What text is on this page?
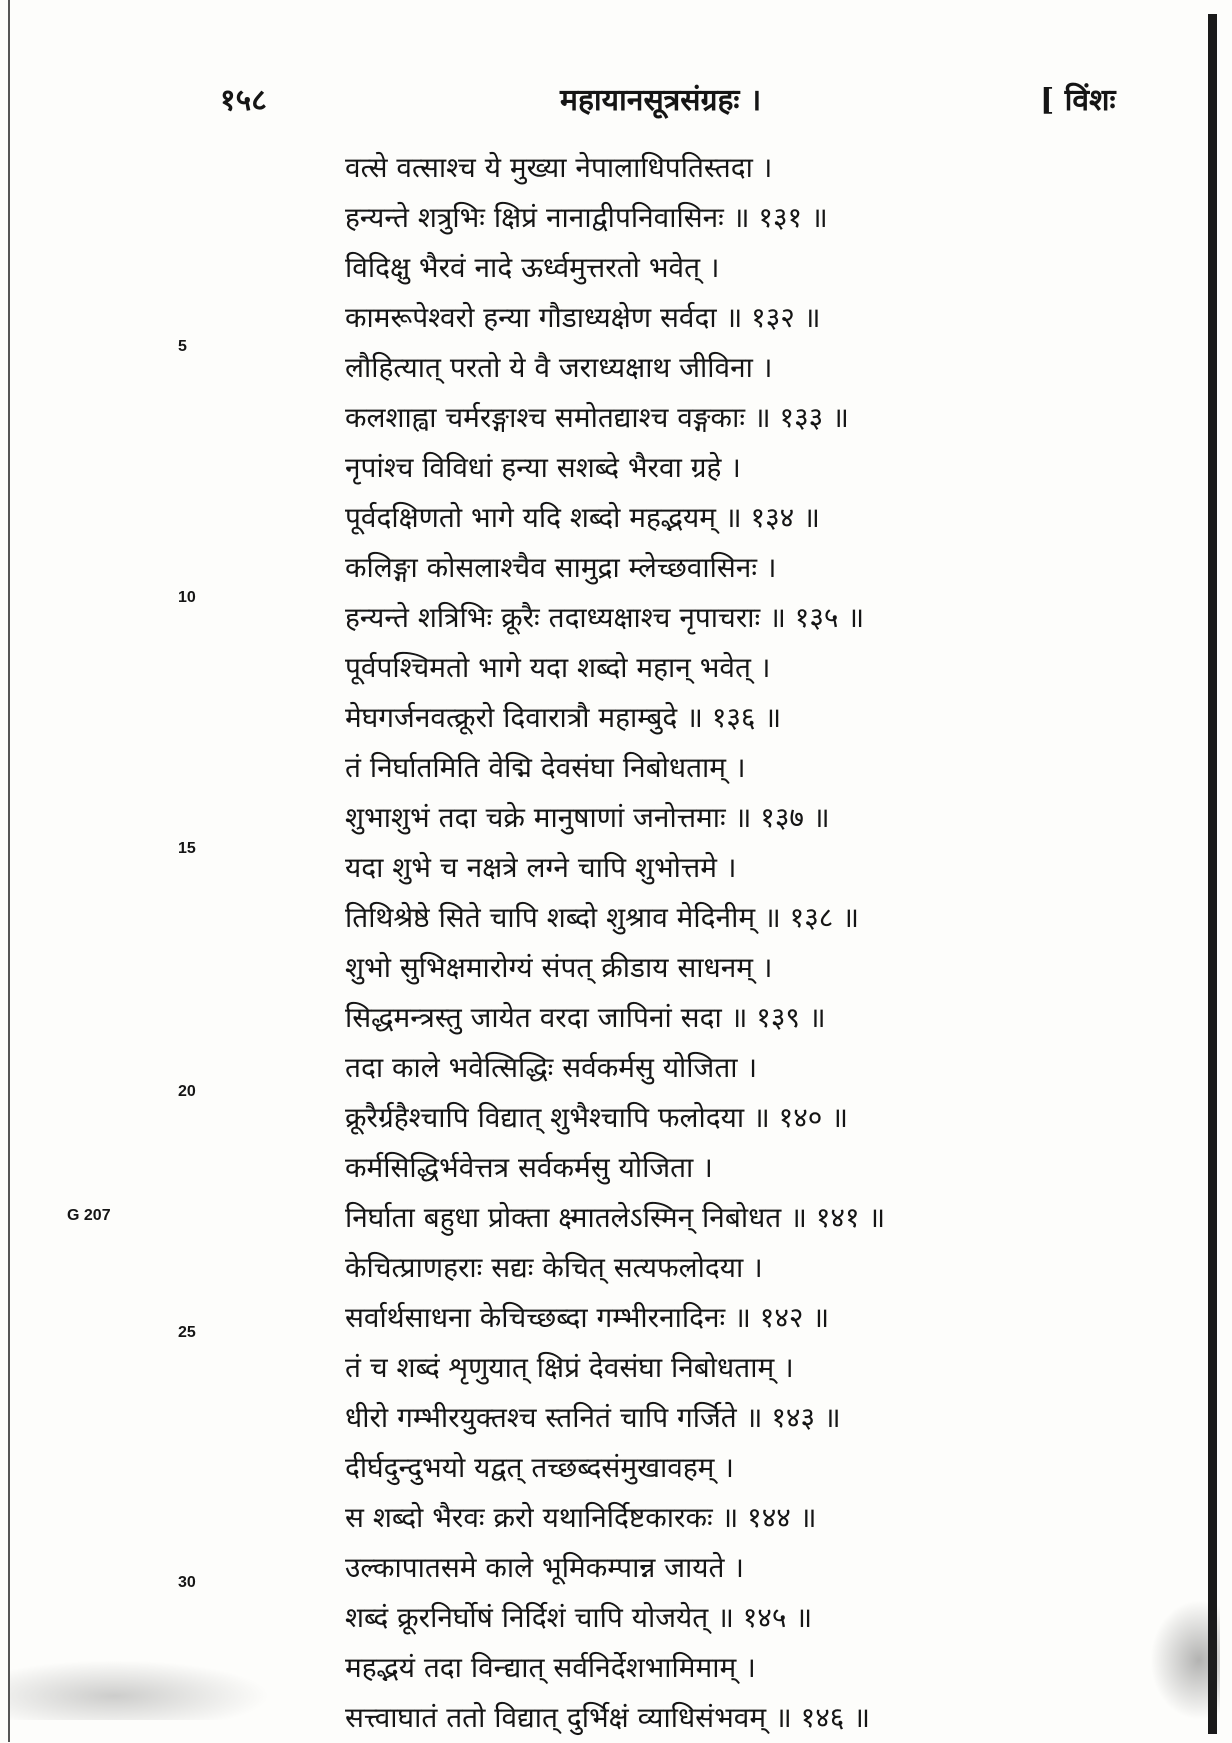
१५८	महायानसूत्रसंग्रहः ।	[ विंशः
वत्से वत्साश्च ये मुख्या नेपालाधिपतिस्तदा ।
हन्यन्ते शत्रुभिः क्षिप्रं नानाद्वीपनिवासिनः ॥ १३१ ॥
विदिक्षु भैरवं नादे ऊर्ध्वमुत्तरतो भवेत् ।
कामरूपेश्वरो हन्या गौडाध्यक्षेण सर्वदा ॥ १३२ ॥
लौहित्यात् परतो ये वै जराध्यक्षाथ जीविना ।
कलशाह्वा चर्मरङ्गाश्च समोतद्याश्च वङ्गकाः ॥ १३३ ॥
नृपांश्च विविधां हन्या सशब्दे भैरवा ग्रहे ।
पूर्वदक्षिणतो भागे यदि शब्दो महद्भयम् ॥ १३४ ॥
कलिङ्गा कोसलाश्चैव सामुद्रा म्लेच्छवासिनः ।
हन्यन्ते शत्रिभिः क्रूरैः तदाध्यक्षाश्च नृपाचराः ॥ १३५ ॥
पूर्वपश्चिमतो भागे यदा शब्दो महान् भवेत् ।
मेघगर्जनवत्क्रूरो दिवारात्रौ महाम्बुदे ॥ १३६ ॥
तं निर्घातमिति वेद्मि देवसंघा निबोधताम् ।
शुभाशुभं तदा चक्रे मानुषाणां जनोत्तमाः ॥ १३७ ॥
यदा शुभे च नक्षत्रे लग्ने चापि शुभोत्तमे ।
तिथिश्रेष्ठे सिते चापि शब्दो शुश्राव मेदिनीम् ॥ १३८ ॥
शुभो सुभिक्षमारोग्यं संपत् क्रीडाय साधनम् ।
सिद्धमन्त्रस्तु जायेत वरदा जापिनां सदा ॥ १३९ ॥
तदा काले भवेत्सिद्धिः सर्वकर्मसु योजिता ।
क्रूरैर्ग्रहैश्चापि विद्यात् शुभैश्चापि फलोदया ॥ १४० ॥
कर्मसिद्धिर्भवेत्तत्र सर्वकर्मसु योजिता ।
निर्घाता बहुधा प्रोक्ता क्ष्मातलेऽस्मिन् निबोधत ॥ १४१ ॥
केचित्प्राणहराः सद्यः केचित् सत्यफलोदया ।
सर्वार्थसाधना केचिच्छब्दा गम्भीरनादिनः ॥ १४२ ॥
तं च शब्दं शृणुयात् क्षिप्रं देवसंघा निबोधताम् ।
धीरो गम्भीरयुक्तश्च स्तनितं चापि गर्जिते ॥ १४३ ॥
दीर्घदुन्दुभयो यद्वत् तच्छब्दसंमुखावहम् ।
स शब्दो भैरवः क्ररो यथानिर्दिष्टकारकः ॥ १४४ ॥
उल्कापातसमे काले भूमिकम्पान्न जायते ।
शब्दं क्रूरनिर्घोषं निर्दिशं चापि योजयेत् ॥ १४५ ॥
महद्भयं तदा विन्द्यात् सर्वनिर्देशभामिमाम् ।
सत्त्वाघातं ततो विद्यात् दुर्भिक्षं व्याधिसंभवम् ॥ १४६ ॥
5
10
15
20
25
30
G 207
